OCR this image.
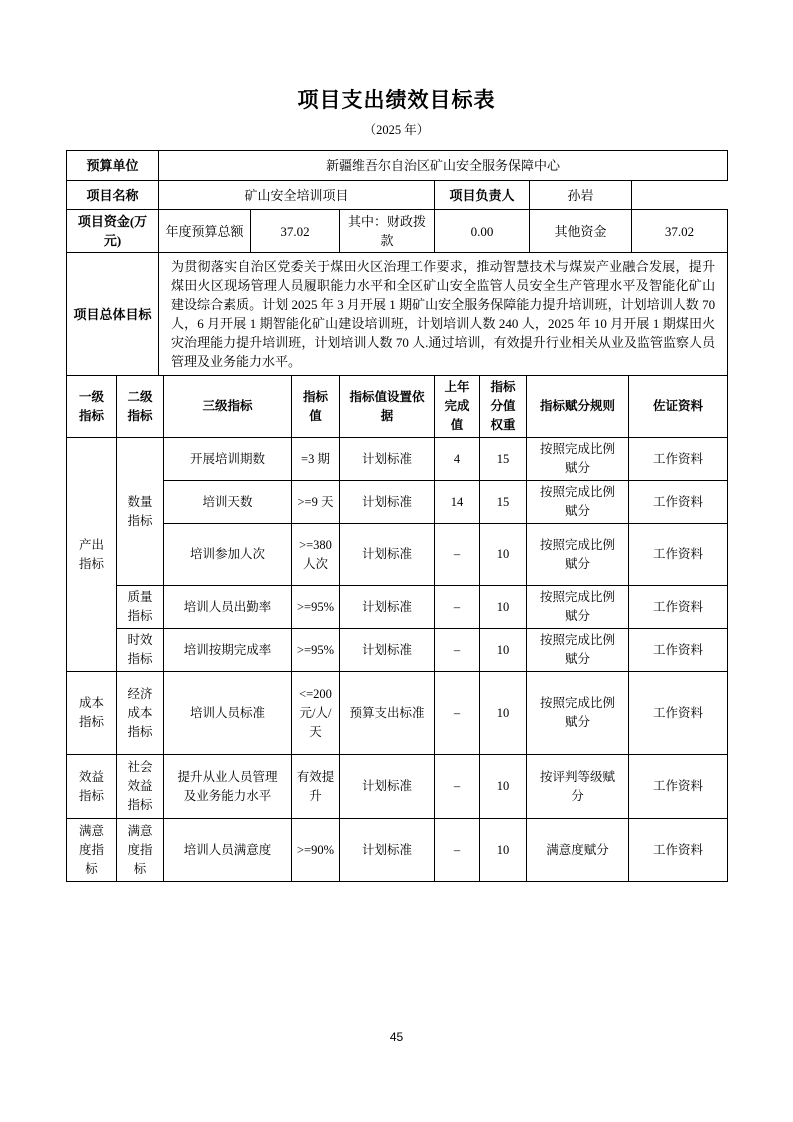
项目支出绩效目标表
（2025 年）
预算单位	新疆维吾尔自治区矿山安全服务保障中心					
项目名称	矿山安全培训项目			项目负责人	孙岩
项目资金(万元)	年度预算总额	37.02	其中：财政拨款	0.00	其他资金	37.02
项目总体目标	为贯彻落实自治区党委关于煤田火区治理工作要求，推动智慧技术与煤炭产业融合发展，提升煤田火区现场管理人员履职能力水平和全区矿山安全监管人员安全生产管理水平及智能化矿山建设综合素质。计划 2025 年 3 月开展 1 期矿山安全服务保障能力提升培训班，计划培训人数 70 人，6 月开展 1 期智能化矿山建设培训班，计划培训人数 240 人，2025 年 10 月开展 1 期煤田火灾治理能力提升培训班，计划培训人数 70 人.通过培训，有效提升行业相关从业及监管监察人员管理及业务能力水平。					
一级指标	二级指标	三级指标	指标值	指标值设置依据	上年完成值	指标分值权重	指标赋分规则	佐证资料
产出指标	数量指标	开展培训期数	=3 期	计划标准	4	15	按照完成比例赋分	工作资料
		培训天数	>=9 天	计划标准	14	15	按照完成比例赋分	工作资料
		培训参加人次	>=380 人次	计划标准	–	10	按照完成比例赋分	工作资料
	质量指标	培训人员出勤率	>=95%	计划标准	–	10	按照完成比例赋分	工作资料
	时效指标	培训按期完成率	>=95%	计划标准	–	10	按照完成比例赋分	工作资料
成本指标	经济成本指标	培训人员标准	<=200 元/人/天	预算支出标准	–	10	按照完成比例赋分	工作资料
效益指标	社会效益指标	提升从业人员管理及业务能力水平	有效提升	计划标准	–	10	按评判等级赋分	工作资料
满意度指标	满意度指标	培训人员满意度	>=90%	计划标准	–	10	满意度赋分	工作资料
45
